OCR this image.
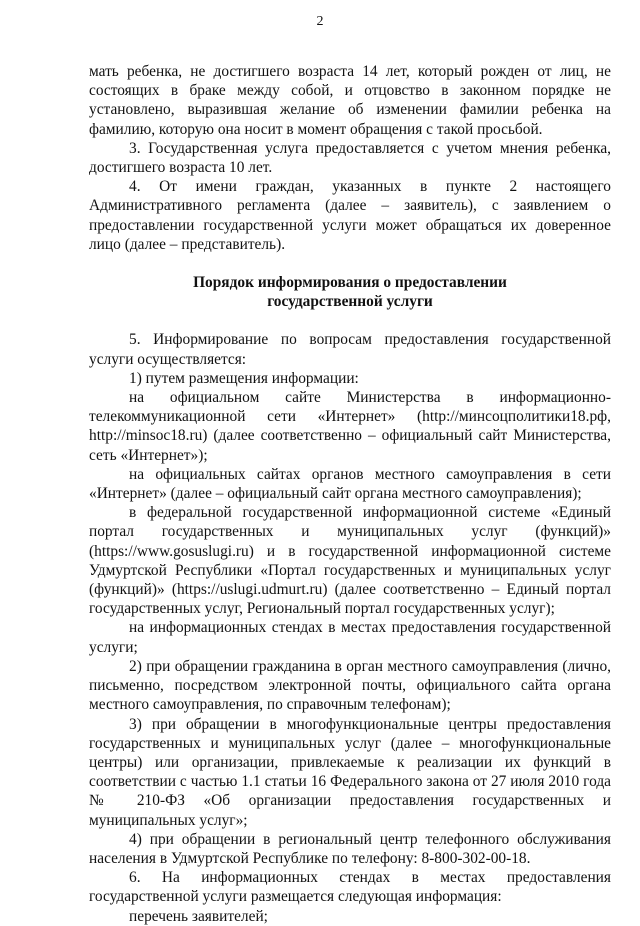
2

мать ребенка, не достигшего возраста 14 лет, который рожден от лиц, не состоящих в браке между собой, и отцовство в законном порядке не установлено, выразившая желание об изменении фамилии ребенка на фамилию, которую она носит в момент обращения с такой просьбой.

3. Государственная услуга предоставляется с учетом мнения ребенка, достигшего возраста 10 лет.

4. От имени граждан, указанных в пункте 2 настоящего Административного регламента (далее – заявитель), с заявлением о предоставлении государственной услуги может обращаться их доверенное лицо (далее – представитель).

Порядок информирования о предоставлении

государственной услуги

5. Информирование по вопросам предоставления государственной услуги осуществляется:

1) путем размещения информации:

на официальном сайте Министерства в информационно-телекоммуникационной сети «Интернет» (http://минсоцполитики18.рф, http://minsoc18.ru) (далее соответственно – официальный сайт Министерства, сеть «Интернет»);

на официальных сайтах органов местного самоуправления в сети «Интернет» (далее – официальный сайт органа местного самоуправления);

в федеральной государственной информационной системе «Единый портал государственных и муниципальных услуг (функций)» (https://www.gosuslugi.ru) и в государственной информационной системе Удмуртской Республики «Портал государственных и муниципальных услуг (функций)» (https://uslugi.udmurt.ru) (далее соответственно – Единый портал государственных услуг, Региональный портал государственных услуг);

на информационных стендах в местах предоставления государственной услуги;

2) при обращении гражданина в орган местного самоуправления (лично, письменно, посредством электронной почты, официального сайта органа местного самоуправления, по справочным телефонам);

3) при обращении в многофункциональные центры предоставления государственных и муниципальных услуг (далее – многофункциональные центры) или организации, привлекаемые к реализации их функций в соответствии с частью 1.1 статьи 16 Федерального закона от 27 июля 2010 года № 210-ФЗ «Об организации предоставления государственных и муниципальных услуг»;

4) при обращении в региональный центр телефонного обслуживания населения в Удмуртской Республике по телефону: 8-800-302-00-18.

6. На информационных стендах в местах предоставления государственной услуги размещается следующая информация:

перечень заявителей;
